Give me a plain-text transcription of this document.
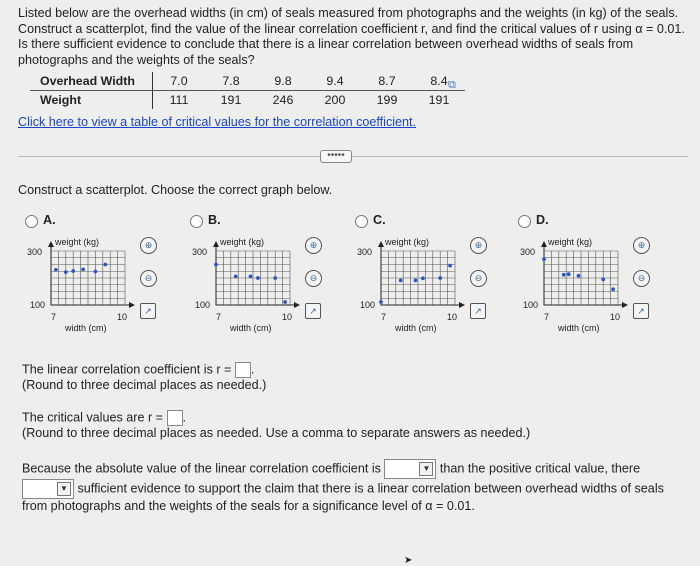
Listed below are the overhead widths (in cm) of seals measured from photographs and the weights (in kg) of the seals. Construct a scatterplot, find the value of the linear correlation coefficient r, and find the critical values of r using α = 0.01. Is there sufficient evidence to conclude that there is a linear correlation between overhead widths of seals from photographs and the weights of the seals?
Overhead Width	7.0	7.8	9.8	9.4	8.7	8.4
Weight	111	191	246	200	199	191
⧉
Click here to view a table of critical values for the correlation coefficient.
•••••
Construct a scatterplot. Choose the correct graph below.
A.
weight (kg)
300
100
7	10
width (cm)
⊕
⊖
↗
B.
weight (kg)
300
100
7	10
width (cm)
⊕
⊖
↗
C.
weight (kg)
300
100
7	10
width (cm)
⊕
⊖
↗
D.
weight (kg)
300
100
7	10
width (cm)
⊕
⊖
↗
The linear correlation coefficient is r = .
(Round to three decimal places as needed.)
The critical values are r = .
(Round to three decimal places as needed. Use a comma to separate answers as needed.)
Because the absolute value of the linear correlation coefficient is	▼ than the positive critical value, there
▼ sufficient evidence to support the claim that there is a linear correlation between overhead widths of seals from photographs and the weights of the seals for a significance level of α = 0.01.
➤
